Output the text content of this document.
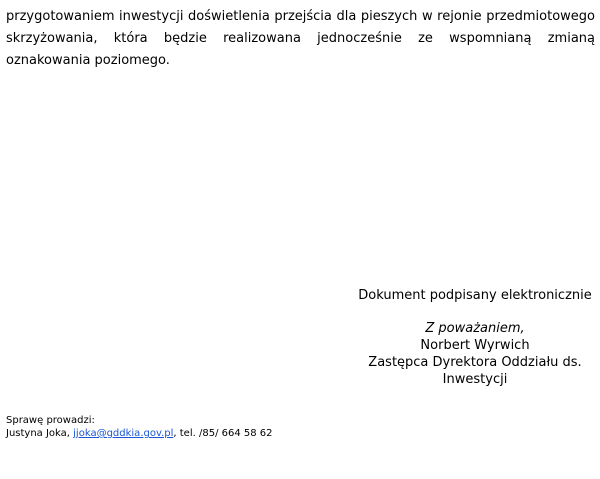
przygotowaniem inwestycji doświetlenia przejścia dla pieszych w rejonie przedmiotowego skrzyżowania, która będzie realizowana jednocześnie ze wspomnianą zmianą oznakowania poziomego.

Dokument podpisany elektronicznie
Z poważaniem,
Norbert Wyrwich
Zastępca Dyrektora Oddziału ds.
Inwestycji
Sprawę prowadzi:
Justyna Joka, jjoka@gddkia.gov.pl, tel. /85/ 664 58 62
